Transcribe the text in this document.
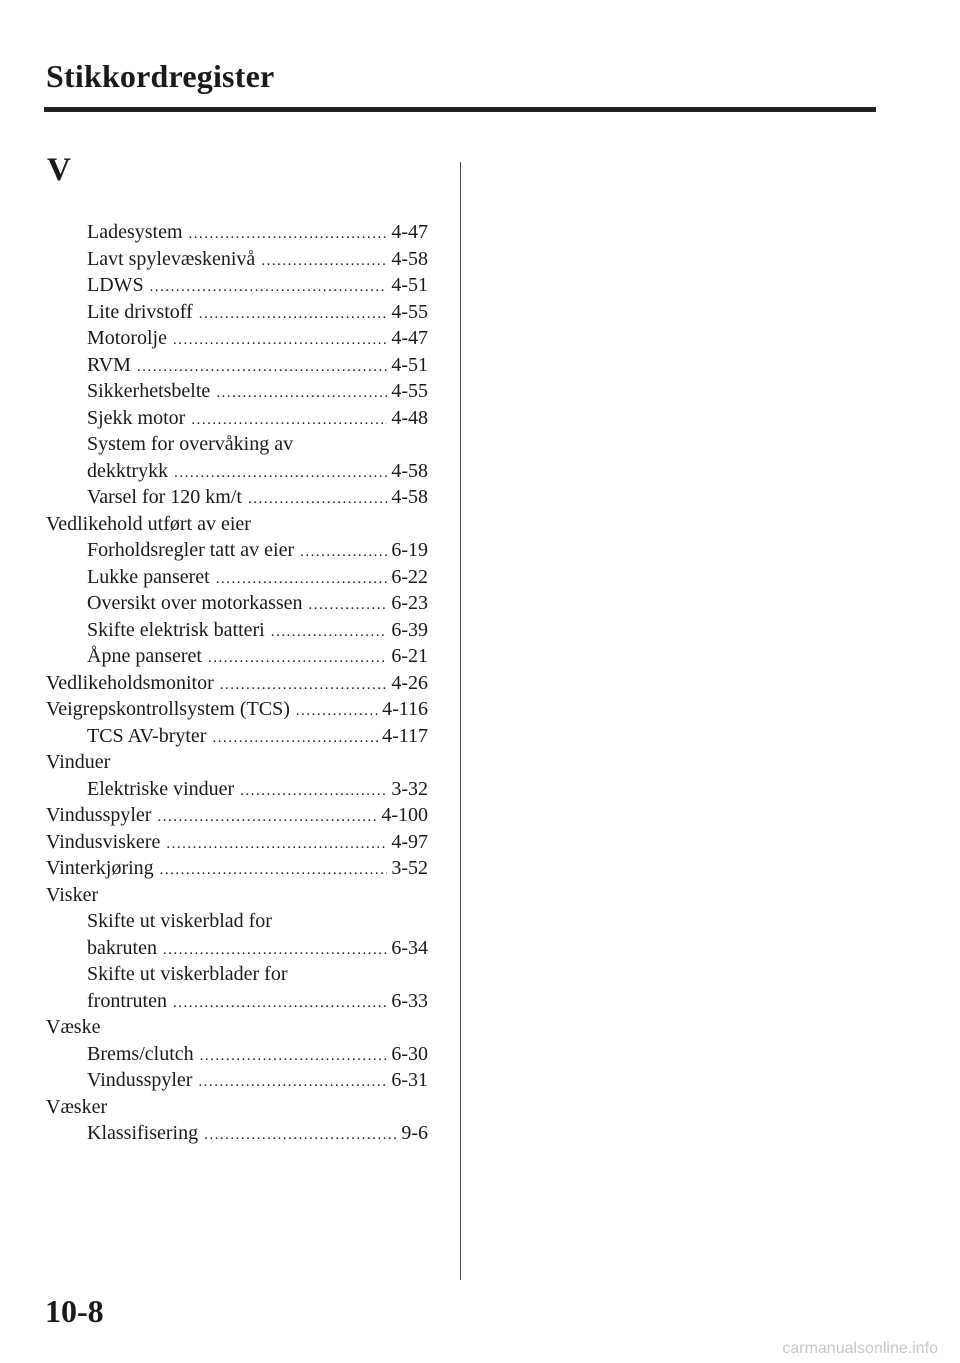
Stikkordregister
V
Ladesystem .....	4-47
Lavt spylevæskenivå .....	4-58
LDWS .....	4-51
Lite drivstoff .....	4-55
Motorolje .....	4-47
RVM .....	4-51
Sikkerhetsbelte .....	4-55
Sjekk motor .....	4-48
System for overvåking av
dekktrykk .....	4-58
Varsel for 120 km/t .....	4-58
Vedlikehold utført av eier
Forholdsregler tatt av eier .....	6-19
Lukke panseret .....	6-22
Oversikt over motorkassen .....	6-23
Skifte elektrisk batteri .....	6-39
Åpne panseret .....	6-21
Vedlikeholdsmonitor .....	4-26
Veigrepskontrollsystem (TCS) .....	4-116
TCS AV-bryter .....	4-117
Vinduer
Elektriske vinduer .....	3-32
Vindusspyler .....	4-100
Vindusviskere .....	4-97
Vinterkjøring .....	3-52
Visker
Skifte ut viskerblad for
bakruten .....	6-34
Skifte ut viskerblader for
frontruten .....	6-33
Væske
Brems/clutch .....	6-30
Vindusspyler .....	6-31
Væsker
Klassifisering .....	9-6
10-8
carmanualsonline.info
